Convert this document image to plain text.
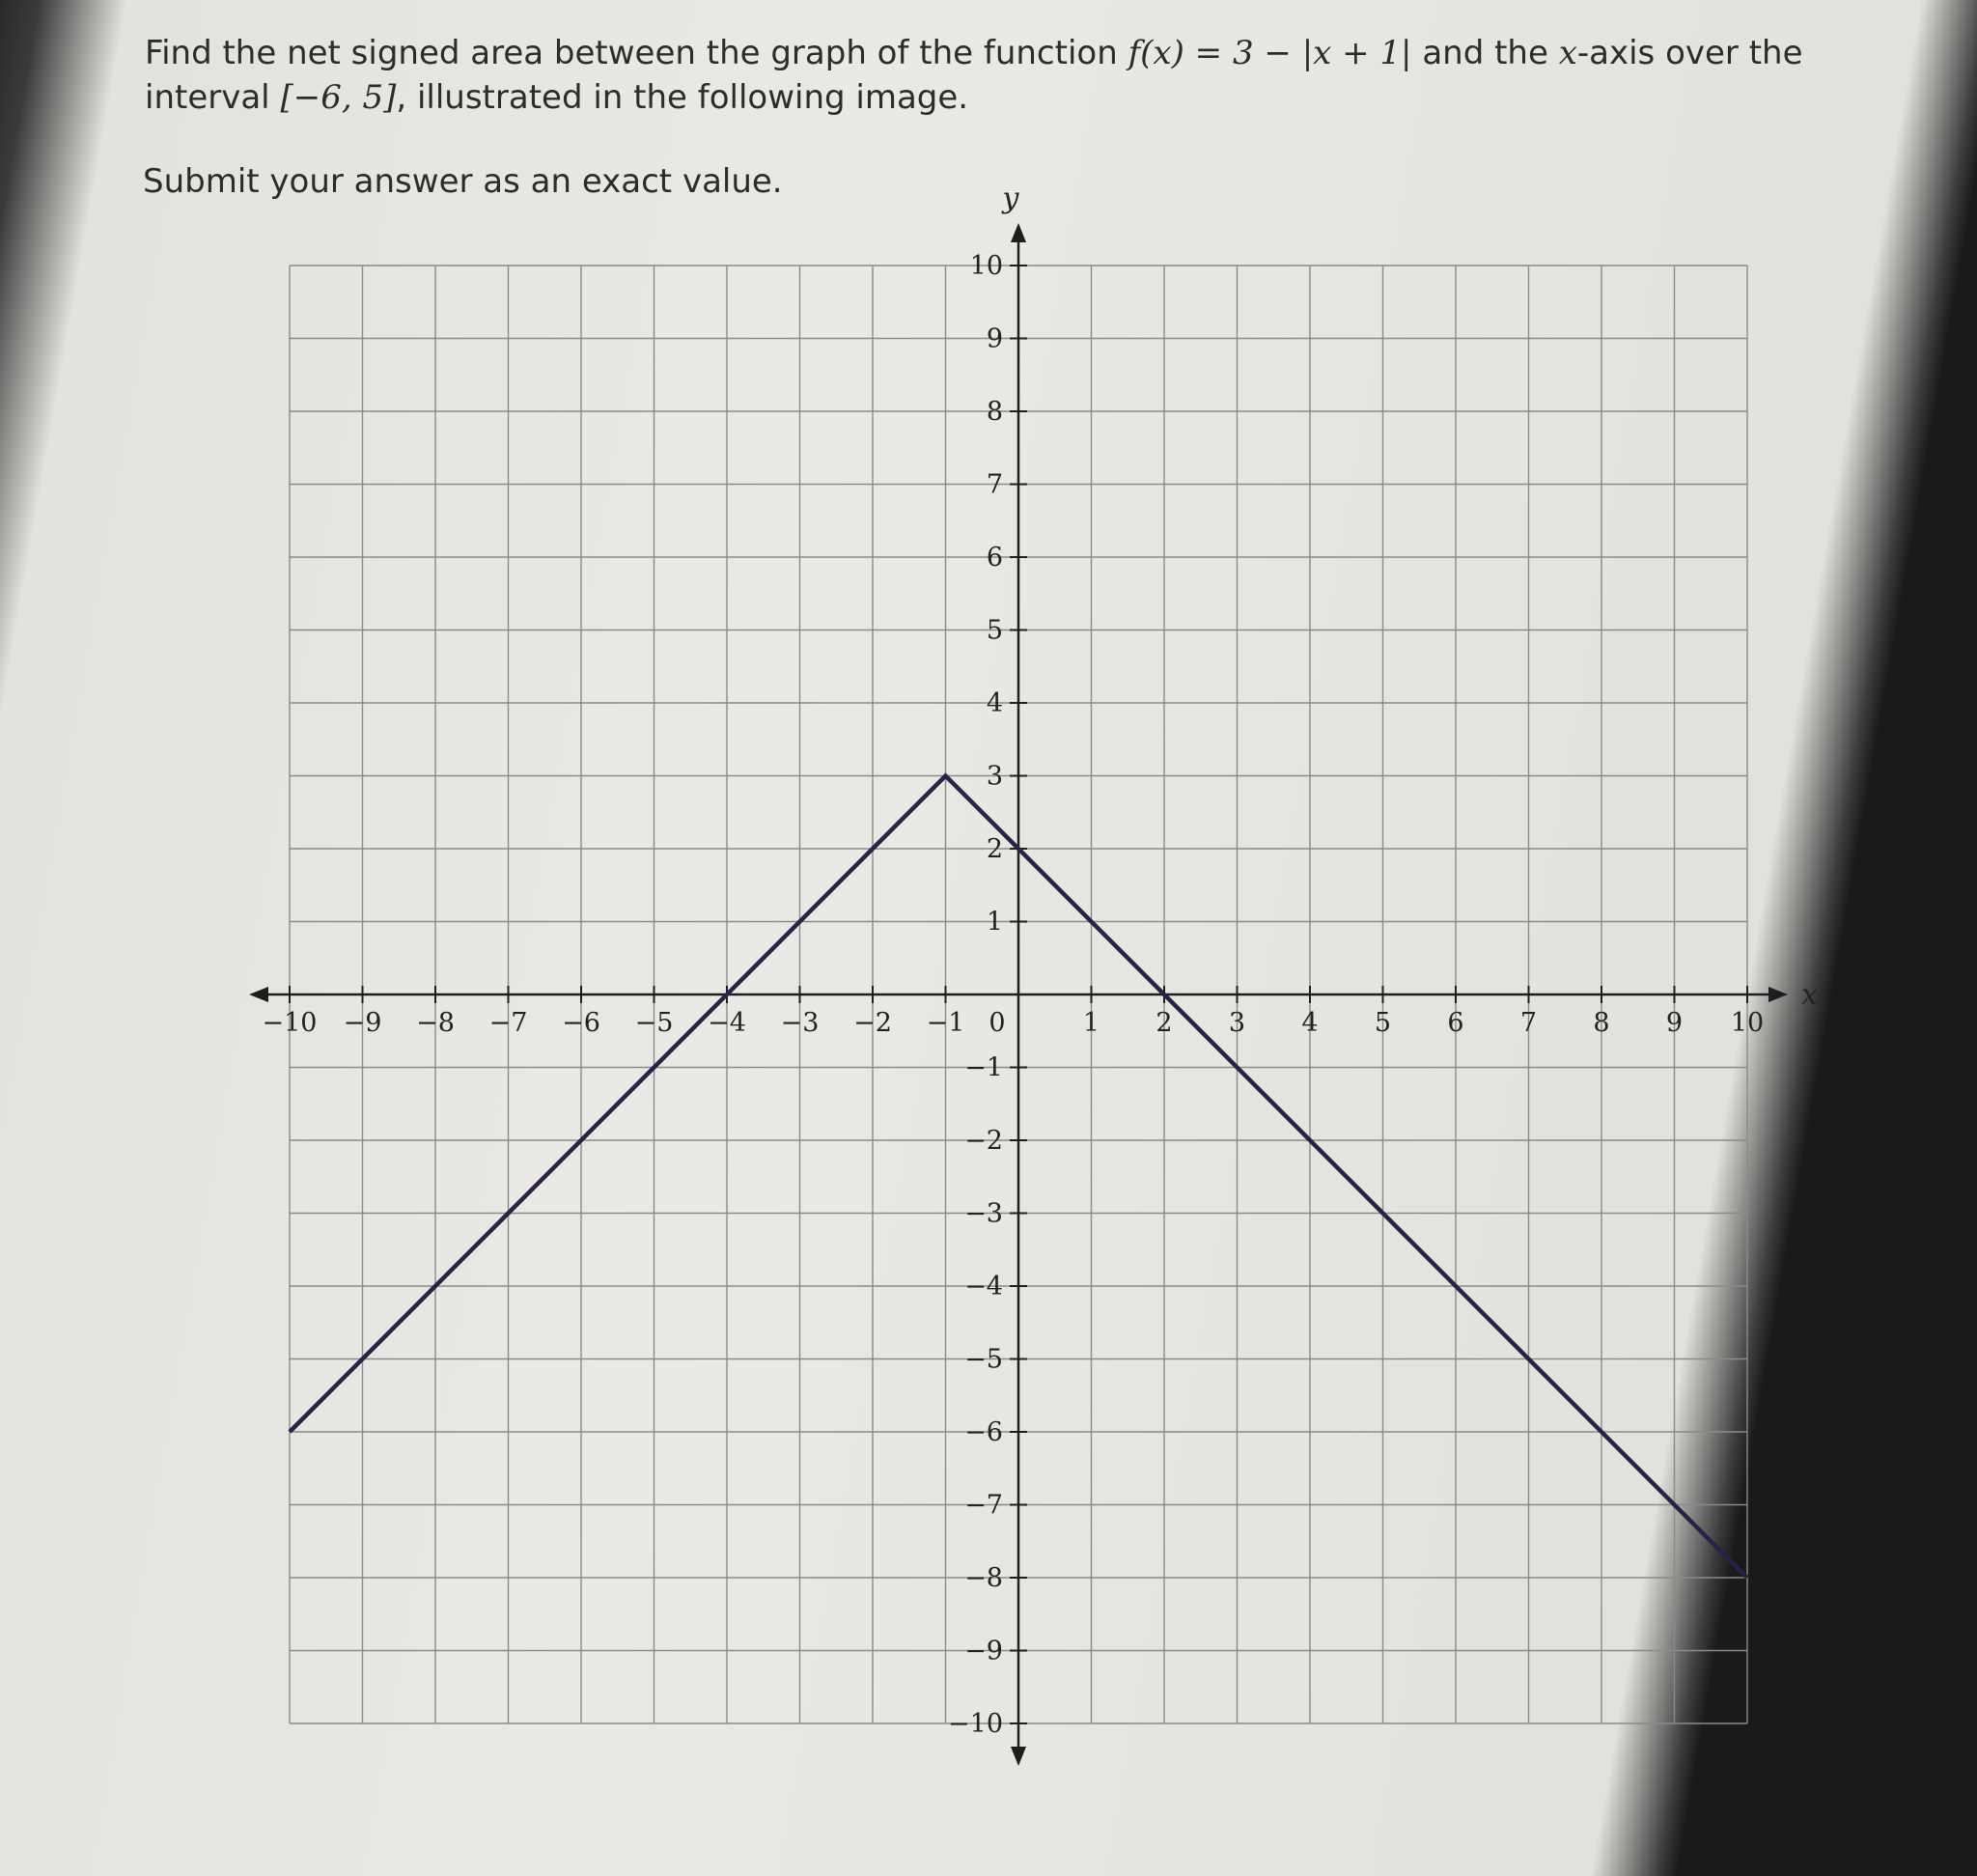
Find the net signed area between the graph of the function f(x) = 3 − |x + 1| and the x-axis over the interval [−6, 5], illustrated in the following image.
Submit your answer as an exact value.
x
y
−10 −9 −8 −7 −6 −5 −4 −3 −2 −1	1 2 3 4 5 6 7 8 9 10
0
−10
−9
−8
−7
−6
−5
−4
−3
−2
−1
1
2
3
4
5
6
7
8
9
10
